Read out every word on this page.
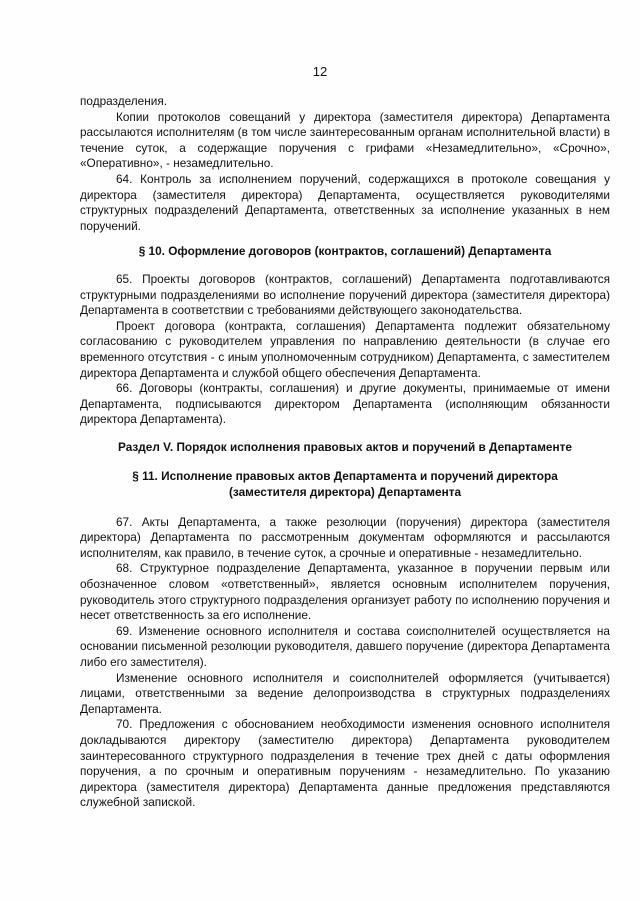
12

подразделения.

Копии протоколов совещаний у директора (заместителя директора) Департамента рассылаются исполнителям (в том числе заинтересованным органам исполнительной власти) в течение суток, а содержащие поручения с грифами «Незамедлительно», «Срочно», «Оперативно», - незамедлительно.

64. Контроль за исполнением поручений, содержащихся в протоколе совещания у директора (заместителя директора) Департамента, осуществляется руководителями структурных подразделений Департамента, ответственных за исполнение указанных в нем поручений.

§ 10. Оформление договоров (контрактов, соглашений) Департамента

65. Проекты договоров (контрактов, соглашений) Департамента подготавливаются структурными подразделениями во исполнение поручений директора (заместителя директора) Департамента в соответствии с требованиями действующего законодательства.

Проект договора (контракта, соглашения) Департамента подлежит обязательному согласованию с руководителем управления по направлению деятельности (в случае его временного отсутствия - с иным уполномоченным сотрудником) Департамента, с заместителем директора Департамента и службой общего обеспечения Департамента.

66. Договоры (контракты, соглашения) и другие документы, принимаемые от имени Департамента, подписываются директором Департамента (исполняющим обязанности директора Департамента).

Раздел V. Порядок исполнения правовых актов и поручений в Департаменте

§ 11. Исполнение правовых актов Департамента и поручений директора

(заместителя директора) Департамента

67. Акты Департамента, а также резолюции (поручения) директора (заместителя директора) Департамента по рассмотренным документам оформляются и рассылаются исполнителям, как правило, в течение суток, а срочные и оперативные - незамедлительно.

68. Структурное подразделение Департамента, указанное в поручении первым или обозначенное словом «ответственный», является основным исполнителем поручения, руководитель этого структурного подразделения организует работу по исполнению поручения и несет ответственность за его исполнение.

69. Изменение основного исполнителя и состава соисполнителей осуществляется на основании письменной резолюции руководителя, давшего поручение (директора Департамента либо его заместителя).

Изменение основного исполнителя и соисполнителей оформляется (учитывается) лицами, ответственными за ведение делопроизводства в структурных подразделениях Департамента.

70. Предложения с обоснованием необходимости изменения основного исполнителя докладываются директору (заместителю директора) Департамента руководителем заинтересованного структурного подразделения в течение трех дней с даты оформления поручения, а по срочным и оперативным поручениям - незамедлительно. По указанию директора (заместителя директора) Департамента данные предложения представляются служебной запиской.
